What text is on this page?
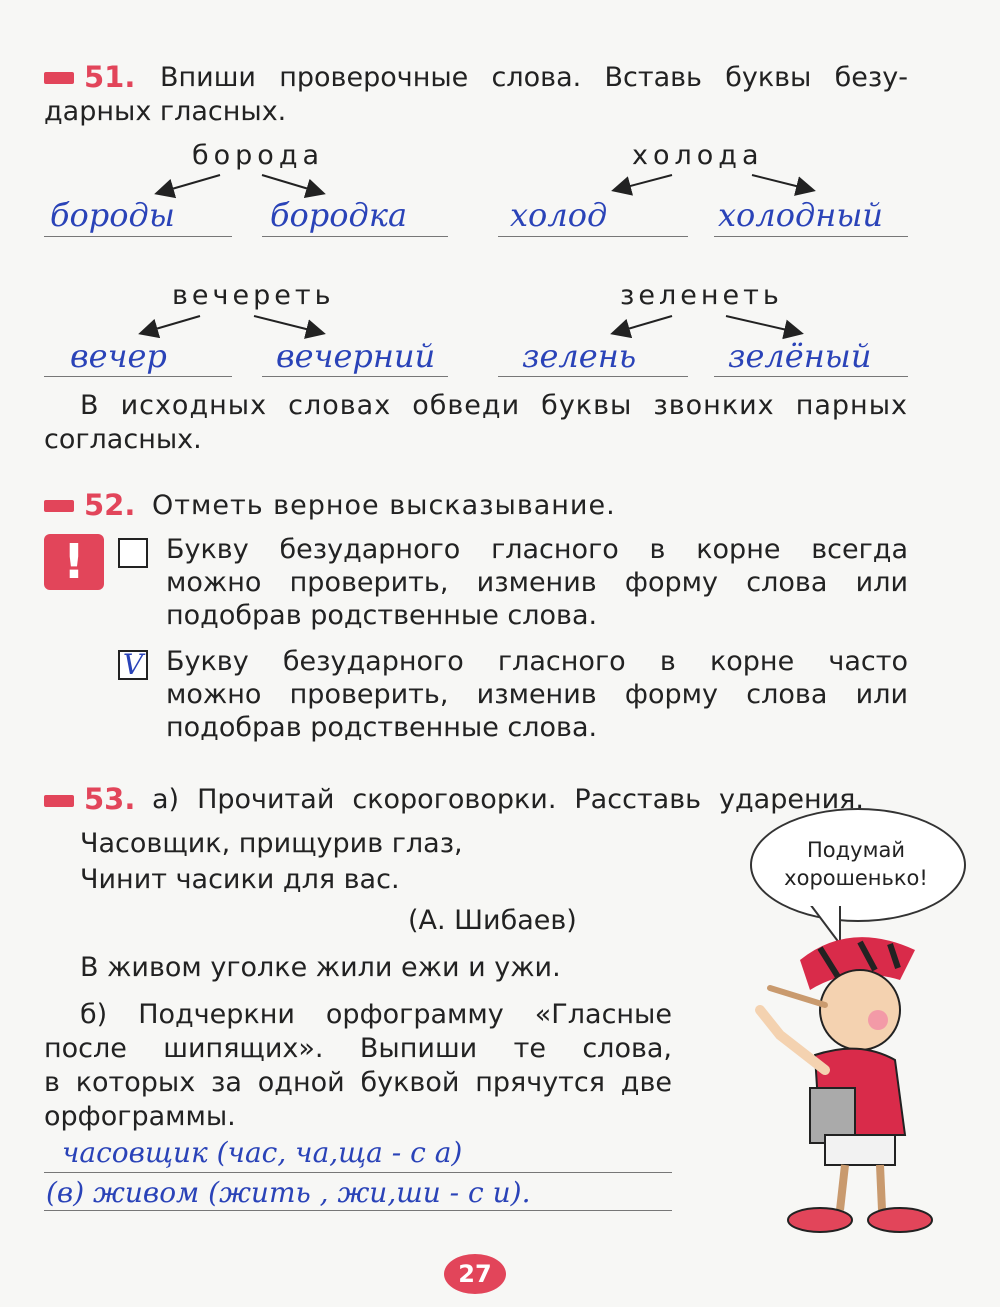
51. Впиши проверочные слова. Вставь буквы безу-
дарных гласных.
борода	холода
бороды	бородка	холод	холодный
вечереть	зеленеть
вечер	вечерний	зелень	зелёный
В исходных словах обведи буквы звонких парных
согласных.
52. Отметь верное высказывание.
!	Букву безударного гласного в корне всегда
можно проверить, изменив форму слова или
подобрав родственные слова.
V Букву безударного гласного в корне часто
можно проверить, изменив форму слова или
подобрав родственные слова.
53. а) Прочитай скороговорки. Расставь ударения.
Часовщик, прищурив глаз,
Чинит часики для вас.
(А. Шибаев)
В живом уголке жили ежи и ужи.
б) Подчеркни орфограмму «Гласные
после шипящих». Выпиши те слова,
в которых за одной буквой прячутся две
орфограммы.
часовщик (час, ча,ща - с а)
(в) живом (жить , жи,ши - с и).
Подумай
хорошенько!
27
